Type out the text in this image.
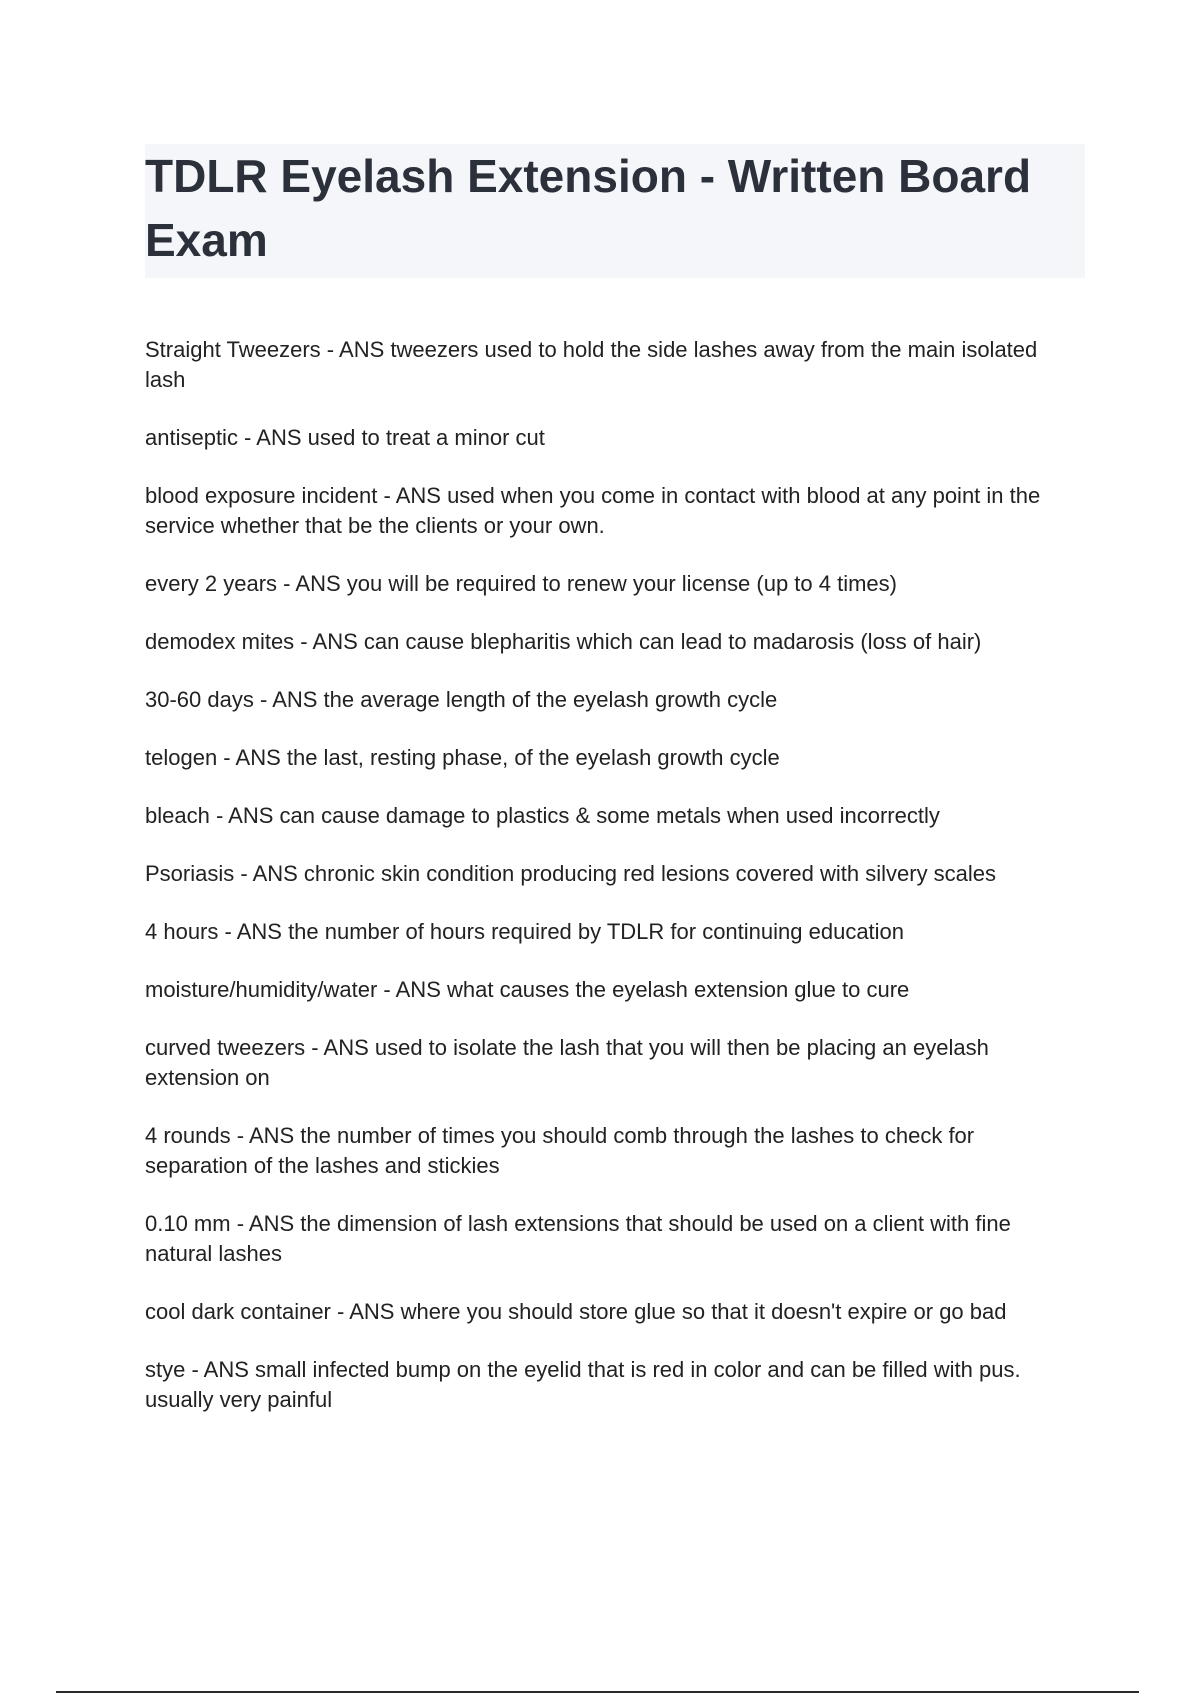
TDLR Eyelash Extension - Written Board Exam

Straight Tweezers - ANS tweezers used to hold the side lashes away from the main isolated lash

antiseptic - ANS used to treat a minor cut

blood exposure incident - ANS used when you come in contact with blood at any point in the service whether that be the clients or your own.

every 2 years - ANS you will be required to renew your license (up to 4 times)

demodex mites - ANS can cause blepharitis which can lead to madarosis (loss of hair)

30-60 days - ANS the average length of the eyelash growth cycle

telogen - ANS the last, resting phase, of the eyelash growth cycle

bleach - ANS can cause damage to plastics & some metals when used incorrectly

Psoriasis - ANS chronic skin condition producing red lesions covered with silvery scales

4 hours - ANS the number of hours required by TDLR for continuing education

moisture/humidity/water - ANS what causes the eyelash extension glue to cure

curved tweezers - ANS used to isolate the lash that you will then be placing an eyelash extension on

4 rounds - ANS the number of times you should comb through the lashes to check for separation of the lashes and stickies

0.10 mm - ANS the dimension of lash extensions that should be used on a client with fine natural lashes

cool dark container - ANS where you should store glue so that it doesn't expire or go bad

stye - ANS small infected bump on the eyelid that is red in color and can be filled with pus. usually very painful
